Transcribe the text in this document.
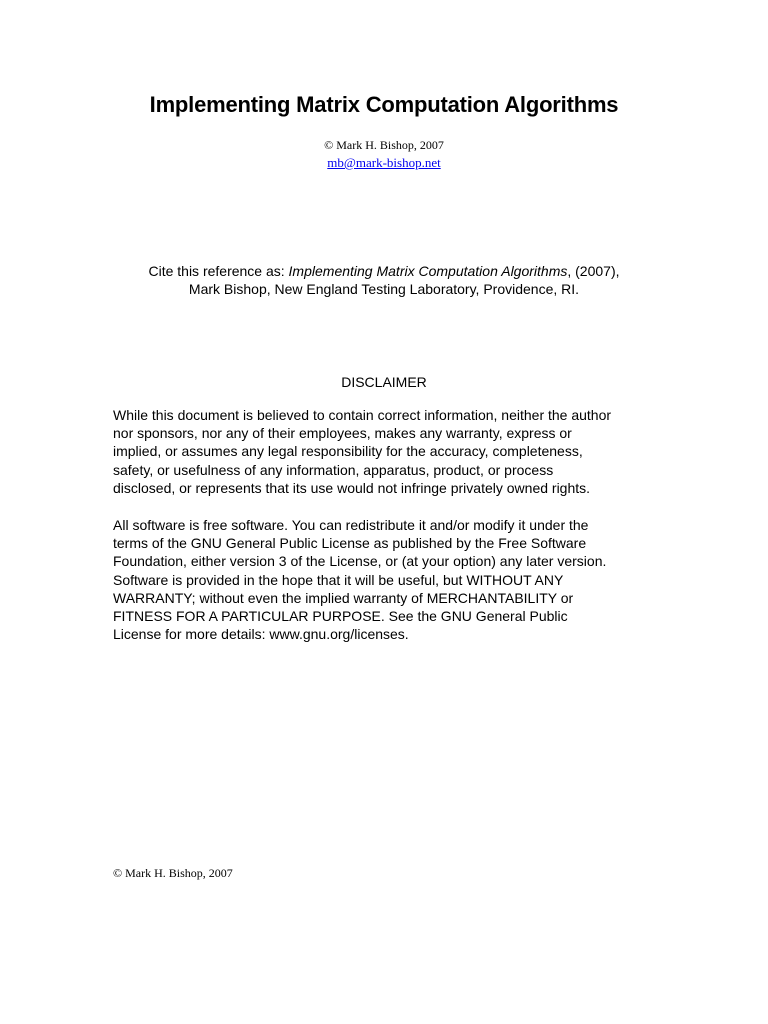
Implementing Matrix Computation Algorithms
© Mark H. Bishop, 2007
mb@mark-bishop.net
Cite this reference as: Implementing Matrix Computation Algorithms, (2007),
Mark Bishop, New England Testing Laboratory, Providence, RI.
DISCLAIMER
While this document is believed to contain correct information, neither the author
nor sponsors, nor any of their employees, makes any warranty, express or
implied, or assumes any legal responsibility for the accuracy, completeness,
safety, or usefulness of any information, apparatus, product, or process
disclosed, or represents that its use would not infringe privately owned rights.
All software is free software. You can redistribute it and/or modify it under the
terms of the GNU General Public License as published by the Free Software
Foundation, either version 3 of the License, or (at your option) any later version.
Software is provided in the hope that it will be useful, but WITHOUT ANY
WARRANTY; without even the implied warranty of MERCHANTABILITY or
FITNESS FOR A PARTICULAR PURPOSE. See the GNU General Public
License for more details: www.gnu.org/licenses.
© Mark H. Bishop, 2007
